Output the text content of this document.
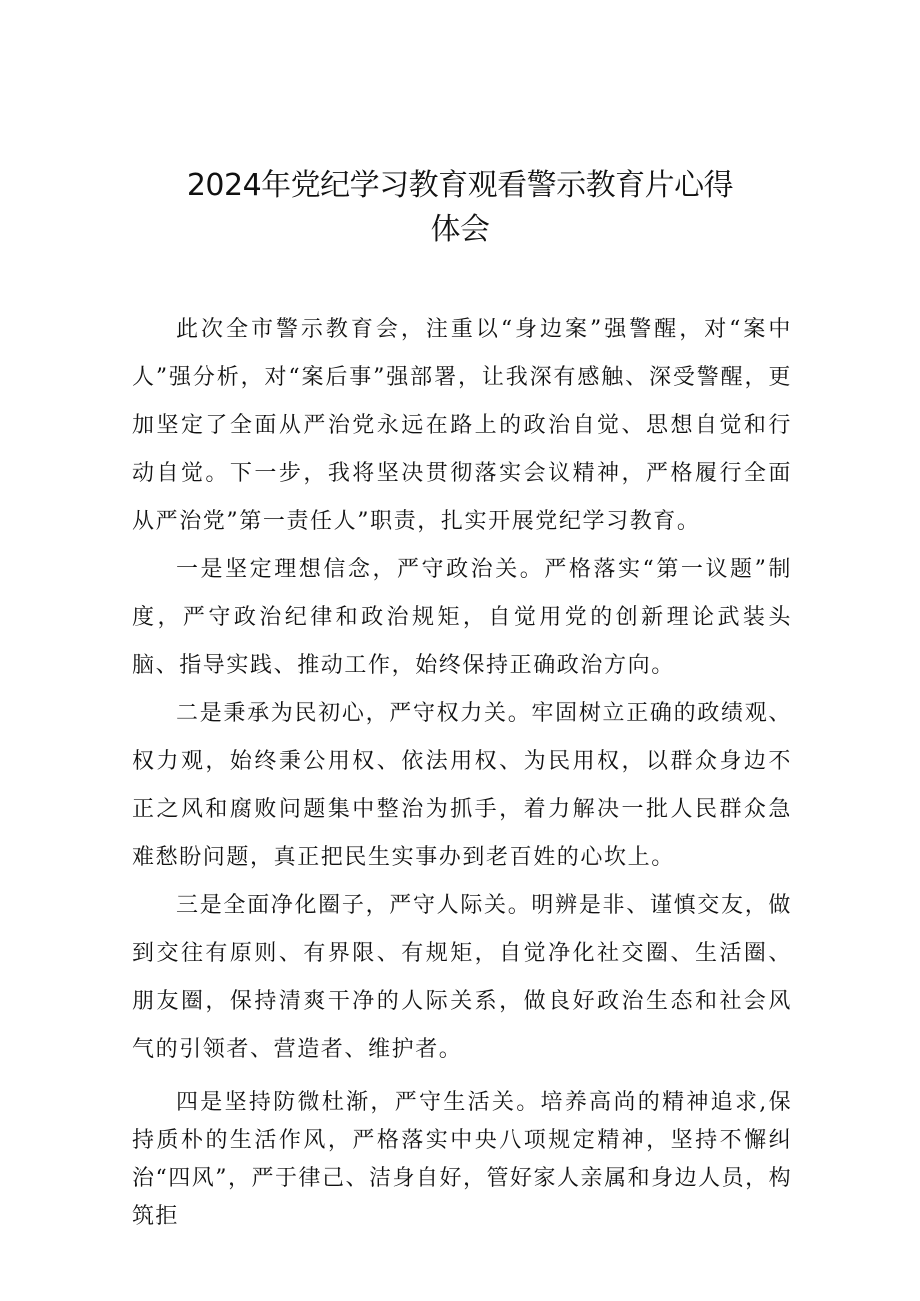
2024年党纪学习教育观看警示教育片心得
体会

此次全市警示教育会，注重以“身边案”强警醒，对“案中人”强分析，对“案后事”强部署，让我深有感触、深受警醒，更加坚定了全面从严治党永远在路上的政治自觉、思想自觉和行动自觉。下一步，我将坚决贯彻落实会议精神，严格履行全面从严治党”第一责任人”职责，扎实开展党纪学习教育。

一是坚定理想信念，严守政治关。严格落实“第一议题”制度，严守政治纪律和政治规矩，自觉用党的创新理论武装头脑、指导实践、推动工作，始终保持正确政治方向。

二是秉承为民初心，严守权力关。牢固树立正确的政绩观、权力观，始终秉公用权、依法用权、为民用权，以群众身边不正之风和腐败问题集中整治为抓手，着力解决一批人民群众急难愁盼问题，真正把民生实事办到老百姓的心坎上。

三是全面净化圈子，严守人际关。明辨是非、谨慎交友，做到交往有原则、有界限、有规矩，自觉净化社交圈、生活圈、朋友圈，保持清爽干净的人际关系，做良好政治生态和社会风气的引领者、营造者、维护者。

四是坚持防微杜渐，严守生活关。培养高尚的精神追求,保持质朴的生活作风，严格落实中央八项规定精神，坚持不懈纠治“四风”，严于律己、洁身自好，管好家人亲属和身边人员，构筑拒
